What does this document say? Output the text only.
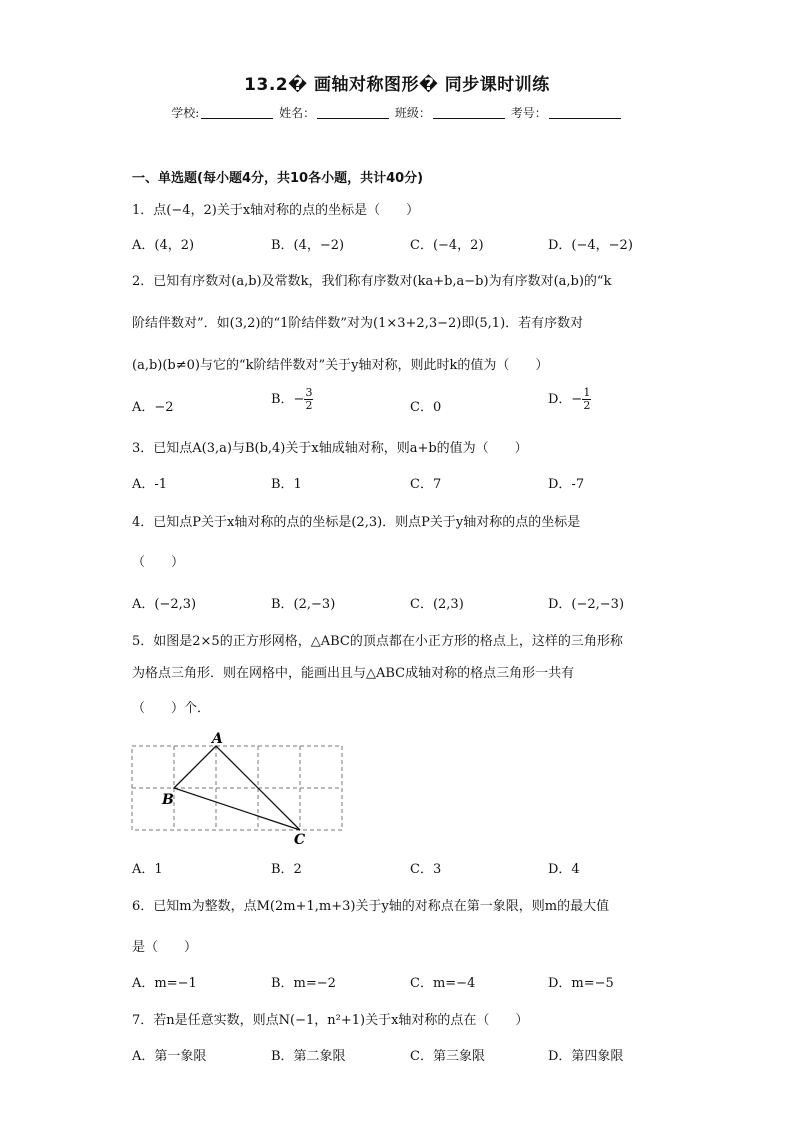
13.2� 画轴对称图形� 同步课时训练
学校:	姓名：	班级：	考号：
一、单选题(每小题4分，共10各小题，共计40分)
1．点(−4，2)关于x轴对称的点的坐标是（　　）
A．(4，2)	B．(4，−2)	C．(−4，2)	D．(−4，−2)
2．已知有序数对(a,b)及常数k，我们称有序数对(ka+b,a−b)为有序数对(a,b)的“k
阶结伴数对”．如(3,2)的“1阶结伴数”对为(1×3+2,3−2)即(5,1)．若有序数对
(a,b)(b≠0)与它的“k阶结伴数对”关于y轴对称，则此时k的值为（　　）
A．−2
B．− $\frac{3}{2}$	C．0
D．− $\frac{1}{2}$
3．已知点A(3,a)与B(b,4)关于x轴成轴对称，则a+b的值为（　　）
A．-1	B．1	C．7	D．-7
4．已知点P关于x轴对称的点的坐标是(2,3)．则点P关于y轴对称的点的坐标是
（　　）
A．(−2,3)	B．(2,−3)	C．(2,3)	D．(−2,−3)
5．如图是2×5的正方形网格，△ABC的顶点都在小正方形的格点上，这样的三角形称
为格点三角形．则在网格中，能画出且与△ABC成轴对称的格点三角形一共有
（　　）个．
A
B
C
A．1	B．2	C．3	D．4
6．已知m为整数，点M(2m+1,m+3)关于y轴的对称点在第一象限，则m的最大值
是（　　）
A．m=−1	B．m=−2	C．m=−4	D．m=−5
7．若n是任意实数，则点N(−1，n²+1)关于x轴对称的点在（　　）
A．第一象限	B．第二象限	C．第三象限	D．第四象限
